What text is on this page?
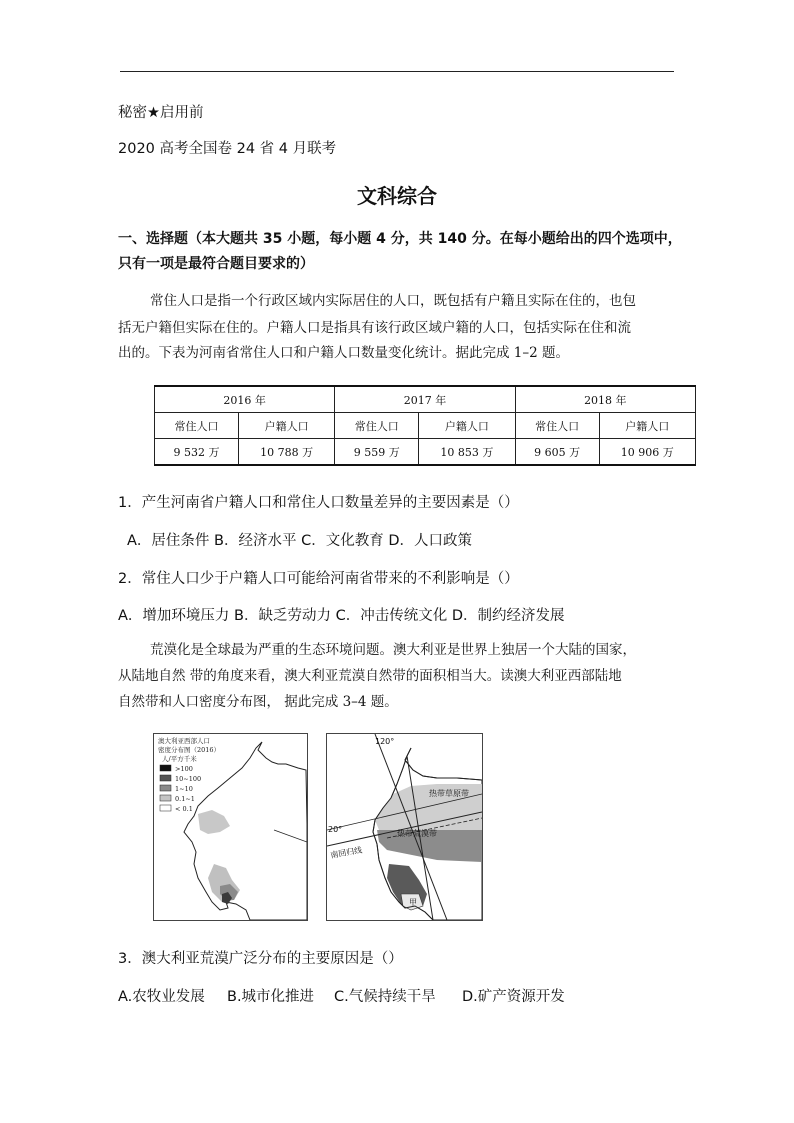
秘密★启用前
2020 高考全国卷 24 省 4 月联考
文科综合
一、选择题（本大题共 35 小题，每小题 4 分，共 140 分。在每小题给出的四个选项中，
只有一项是最符合题目要求的）
常住人口是指一个行政区域内实际居住的人口，既包括有户籍且实际在住的，也包
括无户籍但实际在住的。户籍人口是指具有该行政区域户籍的人口，包括实际在住和流
出的。下表为河南省常住人口和户籍人口数量变化统计。据此完成 1–2 题。
2016 年		2017 年		2018 年	
常住人口	户籍人口	常住人口	户籍人口	常住人口	户籍人口
9 532 万	10 788 万	9 559 万	10 853 万	9 605 万	10 906 万
1．产生河南省户籍人口和常住人口数量差异的主要因素是（）
A．居住条件 B．经济水平 C．文化教育 D．人口政策
2．常住人口少于户籍人口可能给河南省带来的不利影响是（）
A．增加环境压力 B．缺乏劳动力 C．冲击传统文化 D．制约经济发展
荒漠化是全球最为严重的生态环境问题。澳大利亚是世界上独居一个大陆的国家，
从陆地自然 带的角度来看，澳大利亚荒漠自然带的面积相当大。读澳大利亚西部陆地
自然带和人口密度分布图， 据此完成 3–4 题。
澳大利亚西部人口
密度分布图（2016）
人/平方千米
>100
10~100
1~10
0.1~1
< 0.1
120°
20°
热带草原带
热带荒漠带
南回归线
甲
3．澳大利亚荒漠广泛分布的主要原因是（）
A.农牧业发展 B.城市化推进 C.气候持续干旱 D.矿产资源开发
